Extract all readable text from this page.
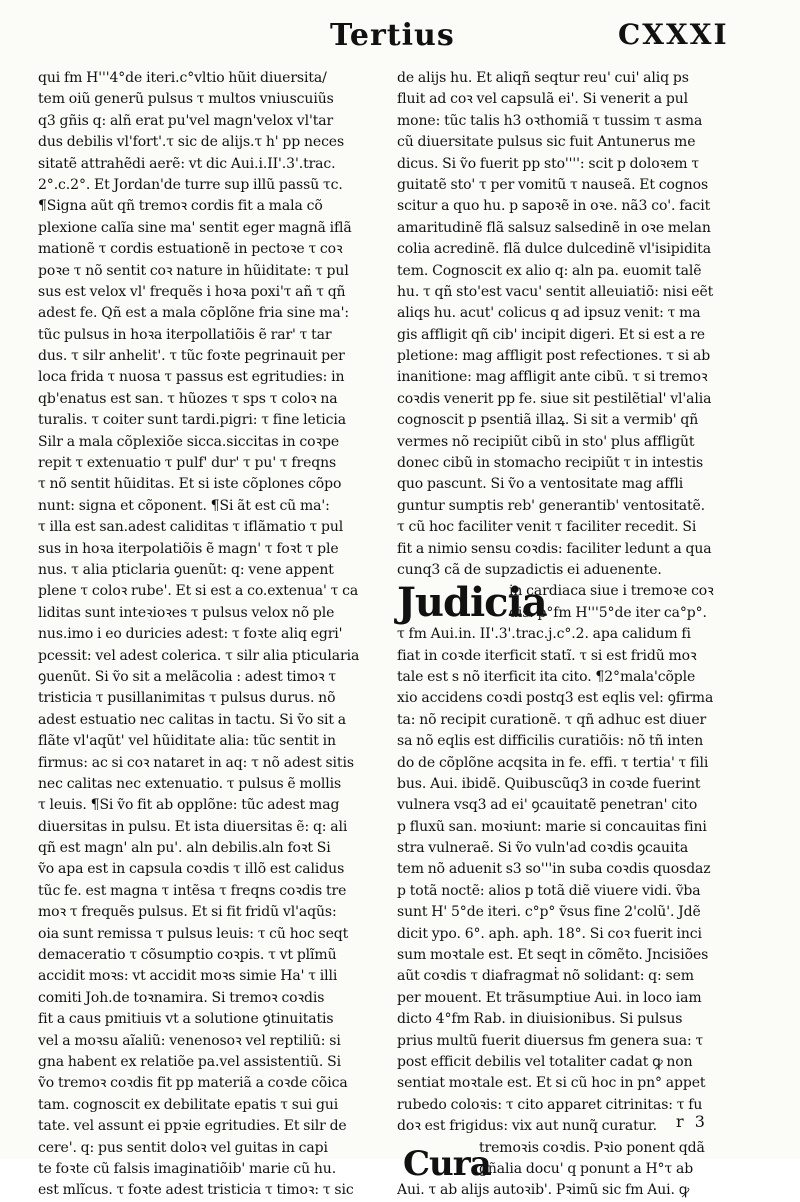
Tertius	CXXXI
qui fm H'''4°de iteri.c°vltio hũit diuersita/
tem oiũ generũ pulsus τ multos vniuscuiũs
q3 gñis q: alñ erat pu'vel magn'velox vl'tar
dus debilis vl'fort'.τ sic de alijs.τ h' pp neces
sitatẽ attrahẽdi aerẽ: vt dic Aui.i.II'.3'.trac.
2°.c.2°. Et Jordan'de turre sup illũ passũ τc.
¶Signa aũt qñ tremoꝛ cordis fit a mala cõ
plexione calĩa sine ma' sentit eger magnã iflã
mationẽ τ cordis estuationẽ in pectoꝛe τ coꝛ
poꝛe τ nõ sentit coꝛ nature in hũiditate: τ pul
sus est velox vl' frequẽs i hoꝛa poxi'τ añ τ qñ
adest fe. Qñ est a mala cõplõne fria sine ma':
tũc pulsus in hoꝛa iterpollatiõis ẽ rar' τ tar
dus. τ silr anhelit'. τ tũc foꝛte pegrinauit per
loca frida τ nuosa τ passus est egritudies: in
qb'enatus est san. τ hũozes τ sps τ coloꝛ na
turalis. τ coiter sunt tardi.pigri: τ fine leticia
Silr a mala cõplexiõe sicca.siccitas in coꝛpe
repit τ extenuatio τ pulf' dur' τ pu' τ freqns
τ nõ sentit hũiditas. Et si iste cõplones cõpo
nunt: signa et cõponent. ¶Si ãt est cũ ma':
τ illa est san.adest caliditas τ iflãmatio τ pul
sus in hoꝛa iterpolatiõis ẽ magn' τ foꝛt τ ple
nus. τ alia pticlaria ꝯuenũt: q: vene appent
plene τ coloꝛ rube'. Et si est a co.extenua' τ ca
liditas sunt inteꝛioꝛes τ pulsus velox nõ ple
nus.imo i eo duricies adest: τ foꝛte aliq egri'
pcessit: vel adest colerica. τ silr alia pticularia
ꝯuenũt. Si ṽo sit a melãcolia : adest timoꝛ τ
tristicia τ pusillanimitas τ pulsus durus. nõ
adest estuatio nec calitas in tactu. Si ṽo sit a
flãte vl'aqũt' vel hũiditate alia: tũc sentit in
firmus: ac si coꝛ nataret in aq: τ nõ adest sitis
nec calitas nec extenuatio. τ pulsus ẽ mollis
τ leuis. ¶Si ṽo fit ab opplõne: tũc adest mag
diuersitas in pulsu. Et ista diuersitas ẽ: q: ali
qñ est magn' aln pu'. aln debilis.aln foꝛt Si
ṽo apa est in capsula coꝛdis τ illõ est calidus
tũc fe. est magna τ intẽsa τ freqns coꝛdis tre
moꝛ τ frequẽs pulsus. Et si fit fridũ vl'aqũs:
oia sunt remissa τ pulsus leuis: τ cũ hoc seqt
demaceratio τ cõsumptio coꝛpis. τ vt plĩmũ
accidit moꝛs: vt accidit moꝛs simie Ha' τ illi
comiti Joh.de toꝛnamira. Si tremoꝛ coꝛdis
fit a caus pmitiuis vt a solutione ꝯtinuitatis
vel a moꝛsu aĩaliũ: venenosoꝛ vel reptiliũ: si
gna habent ex relatiõe pa.vel assistentiũ. Si
ṽo tremoꝛ coꝛdis fit pp materiã a coꝛde cõica
tam. cognoscit ex debilitate epatis τ sui gui
tate. vel assunt ei ppꝛie egritudies. Et silr de
cere'. q: pus sentit doloꝛ vel guitas in capi
te foꝛte cũ falsis imaginatiõib' marie cũ hu.
est mlĩcus. τ foꝛte adest tristicia τ timoꝛ: τ sic
de alijs hu. Et aliqñ seqtur reu' cui' aliq ps
fluit ad coꝛ vel capsulã ei'. Si venerit a pul
mone: tũc talis h3 oꝛthomiã τ tussim τ asma
cũ diuersitate pulsus sic fuit Antunerus me
dicus. Si ṽo fuerit pp sto'''': scit p doloꝛem τ
guitatẽ sto' τ per vomitũ τ nauseã. Et cognos
scitur a quo hu. p sapoꝛẽ in oꝛe. nã3 co'. facit
amaritudinẽ flã salsuz salsedinẽ in oꝛe melan
colia acredinẽ. flã dulce dulcedinẽ vl'isipidita
tem. Cognoscit ex alio q: aln pa. euomit talẽ
hu. τ qñ sto'est vacu' sentit alleuiatiõ: nisi eẽt
aliqs hu. acut' colicus q ad ipsuz venit: τ ma
gis affligit qñ cib' incipit digeri. Et si est a re
pletione: mag affligit post refectiones. τ si ab
inanitione: mag affligit ante cibũ. τ si tremoꝛ
coꝛdis venerit pp fe. siue sit pestilẽtial' vl'alia
cognoscit p psentiã illaꝝ. Si sit a vermib' qñ
vermes nõ recipiũt cibũ in sto' plus affligũt
donec cibũ in stomacho recipiũt τ in intestis
quo pascunt. Si ṽo a ventositate mag affli
guntur sumptis reb' generantib' ventositatẽ.
τ cũ hoc faciliter venit τ faciliter recedit. Si
fit a nimio sensu coꝛdis: faciliter ledunt a qua
cunq3 cã de supzadictis ei aduenente.
Judicia
in cardiaca siue i tremoꝛe coꝛ
dis. p°fm H'''5°de iter ca°p°.
τ fm Aui.in. II'.3'.trac.j.c°.2. apa calidum fi
fiat in coꝛde iterficit statĩ. τ si est fridũ moꝛ
tale est s nõ iterficit ita cito. ¶2°mala'cõple
xio accidens coꝛdi postq3 est eqlis vel: ꝯfirma
ta: nõ recipit curationẽ. τ qñ adhuc est diuer
sa nõ eqlis est difficilis curatiõis: nõ tñ inten
do de cõplõne acqsita in fe. effi. τ tertia' τ fili
bus. Aui. ibidẽ. Quibuscũq3 in coꝛde fuerint
vulnera vsq3 ad ei' ꝯcauitatẽ penetran' cito
p fluxũ san. moꝛiunt: marie si concauitas fini
stra vulneraẽ. Si ṽo vuln'ad coꝛdis ꝯcauita
tem nõ aduenit s3 so'''in suba coꝛdis quosdaz
p totã noctẽ: alios p totã diẽ viuere vidi. ṽba
sunt H' 5°de iteri. c°p° ṽsus fine 2'colũ'. Jdẽ
dicit ypo. 6°. aph. aph. 18°. Si coꝛ fuerit inci
sum moꝛtale est. Et seqt in cõmẽto. Jncisiões
aũt coꝛdis τ diafragmaṫ nõ solidant: q: sem
per mouent. Et trãsumptiue Aui. in loco iam
dicto 4°fm Rab. in diuisionibus. Si pulsus
prius multũ fuerit diuersus fm genera sua: τ
post efficit debilis vel totaliter cadat ꝙ non
sentiat moꝛtale est. Et si cũ hoc in pn° appet
rubedo coloꝛis: τ cito apparet citrinitas: τ fu
doꝛ est frigidus: vix aut nunq̃ curatur.
Cura
tremoꝛis coꝛdis. Pꝛio ponent qdã
gñalia docu' q ponunt a H°τ ab
Aui. τ ab alijs autoꝛib'. Pꝛimũ sic fm Aui. ꝙ
r 3
